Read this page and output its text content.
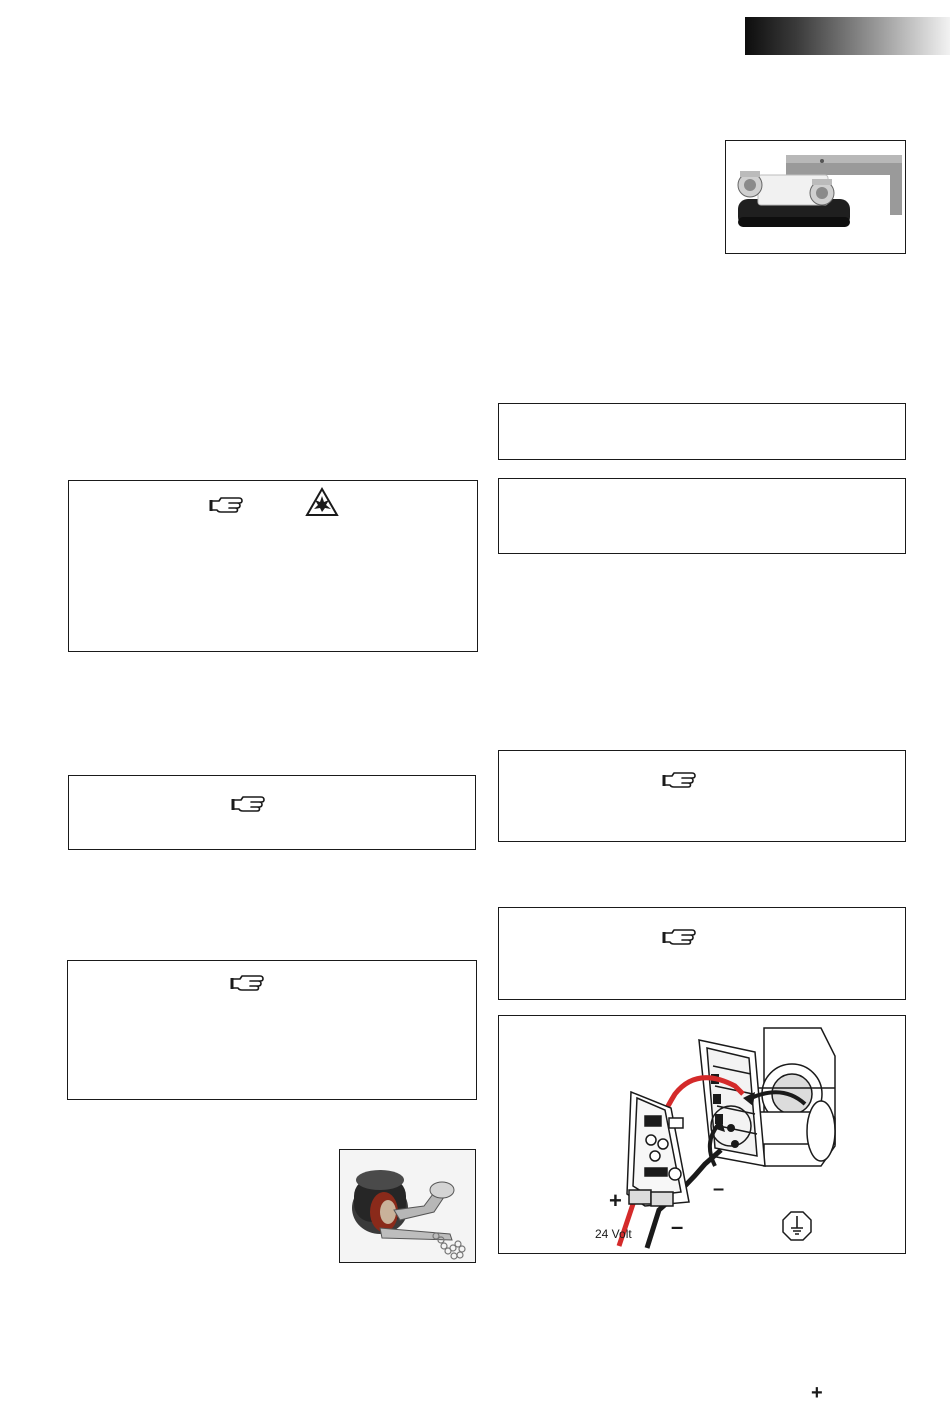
+
–
+
–
24 Volt
